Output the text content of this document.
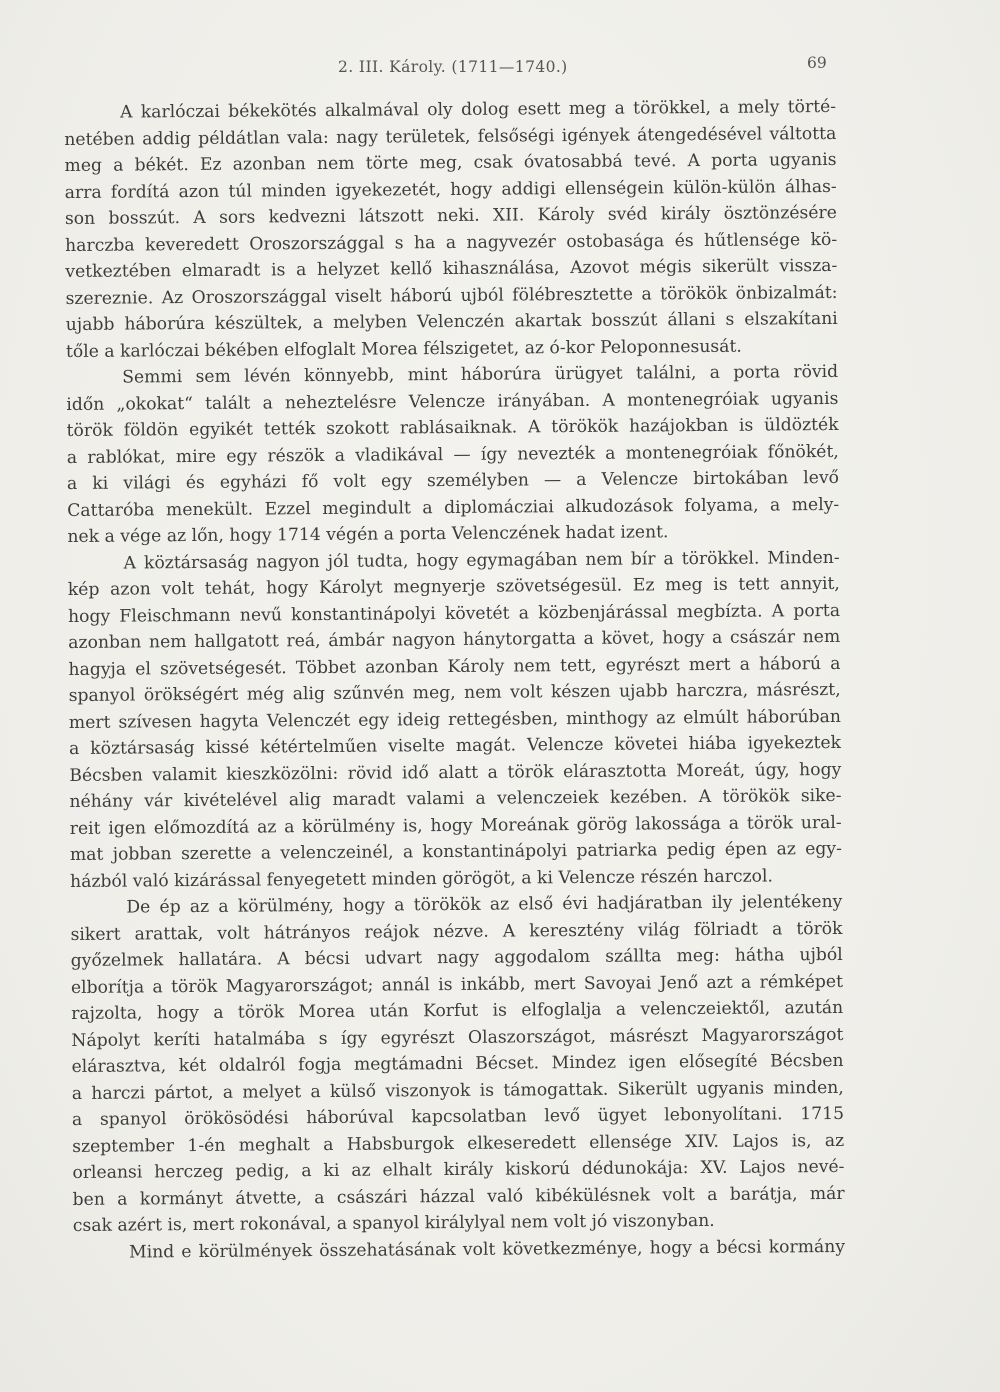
2. III. Károly. (1711—1740.)	69
A karlóczai békekötés alkalmával oly dolog esett meg a törökkel, a mely törté-
netében addig példátlan vala: nagy területek, felsőségi igények átengedésével váltotta
meg a békét. Ez azonban nem törte meg, csak óvatosabbá tevé. A porta ugyanis
arra fordítá azon túl minden igyekezetét, hogy addigi ellenségein külön-külön álhas-
son bosszút. A sors kedvezni látszott neki. XII. Károly svéd király ösztönzésére
harczba keveredett Oroszországgal s ha a nagyvezér ostobasága és hűtlensége kö-
vetkeztében elmaradt is a helyzet kellő kihasználása, Azovot mégis sikerült vissza-
szereznie. Az Oroszországgal viselt háború ujból fölébresztette a törökök önbizalmát:
ujabb háborúra készültek, a melyben Velenczén akartak bosszút állani s elszakítani
tőle a karlóczai békében elfoglalt Morea félszigetet, az ó-kor Peloponnesusát.
Semmi sem lévén könnyebb, mint háborúra ürügyet találni, a porta rövid
időn „okokat“ talált a neheztelésre Velencze irányában. A montenegróiak ugyanis
török földön egyikét tették szokott rablásaiknak. A törökök hazájokban is üldözték
a rablókat, mire egy részök a vladikával — így nevezték a montenegróiak főnökét,
a ki világi és egyházi fő volt egy személyben — a Velencze birtokában levő
Cattaróba menekült. Ezzel megindult a diplomácziai alkudozások folyama, a mely-
nek a vége az lőn, hogy 1714 végén a porta Velenczének hadat izent.
A köztársaság nagyon jól tudta, hogy egymagában nem bír a törökkel. Minden-
kép azon volt tehát, hogy Károlyt megnyerje szövetségesül. Ez meg is tett annyit,
hogy Fleischmann nevű konstantinápolyi követét a közbenjárással megbízta. A porta
azonban nem hallgatott reá, ámbár nagyon hánytorgatta a követ, hogy a császár nem
hagyja el szövetségesét. Többet azonban Károly nem tett, egyrészt mert a háború a
spanyol örökségért még alig szűnvén meg, nem volt készen ujabb harczra, másrészt,
mert szívesen hagyta Velenczét egy ideig rettegésben, minthogy az elmúlt háborúban
a köztársaság kissé kétértelműen viselte magát. Velencze követei hiába igyekeztek
Bécsben valamit kieszközölni: rövid idő alatt a török elárasztotta Moreát, úgy, hogy
néhány vár kivételével alig maradt valami a velenczeiek kezében. A törökök sike-
reit igen előmozdítá az a körülmény is, hogy Moreának görög lakossága a török ural-
mat jobban szerette a velenczeinél, a konstantinápolyi patriarka pedig épen az egy-
házból való kizárással fenyegetett minden görögöt, a ki Velencze részén harczol.
De ép az a körülmény, hogy a törökök az első évi hadjáratban ily jelentékeny
sikert arattak, volt hátrányos reájok nézve. A keresztény világ fölriadt a török
győzelmek hallatára. A bécsi udvart nagy aggodalom szállta meg: hátha ujból
elborítja a török Magyarországot; annál is inkább, mert Savoyai Jenő azt a rémképet
rajzolta, hogy a török Morea után Korfut is elfoglalja a velenczeiektől, azután
Nápolyt keríti hatalmába s így egyrészt Olaszországot, másrészt Magyarországot
elárasztva, két oldalról fogja megtámadni Bécset. Mindez igen elősegíté Bécsben
a harczi pártot, a melyet a külső viszonyok is támogattak. Sikerült ugyanis minden,
a spanyol örökösödési háborúval kapcsolatban levő ügyet lebonyolítani. 1715
szeptember 1-én meghalt a Habsburgok elkeseredett ellensége XIV. Lajos is, az
orleansi herczeg pedig, a ki az elhalt király kiskorú dédunokája: XV. Lajos nevé-
ben a kormányt átvette, a császári házzal való kibékülésnek volt a barátja, már
csak azért is, mert rokonával, a spanyol királylyal nem volt jó viszonyban.
Mind e körülmények összehatásának volt következménye, hogy a bécsi kormány
